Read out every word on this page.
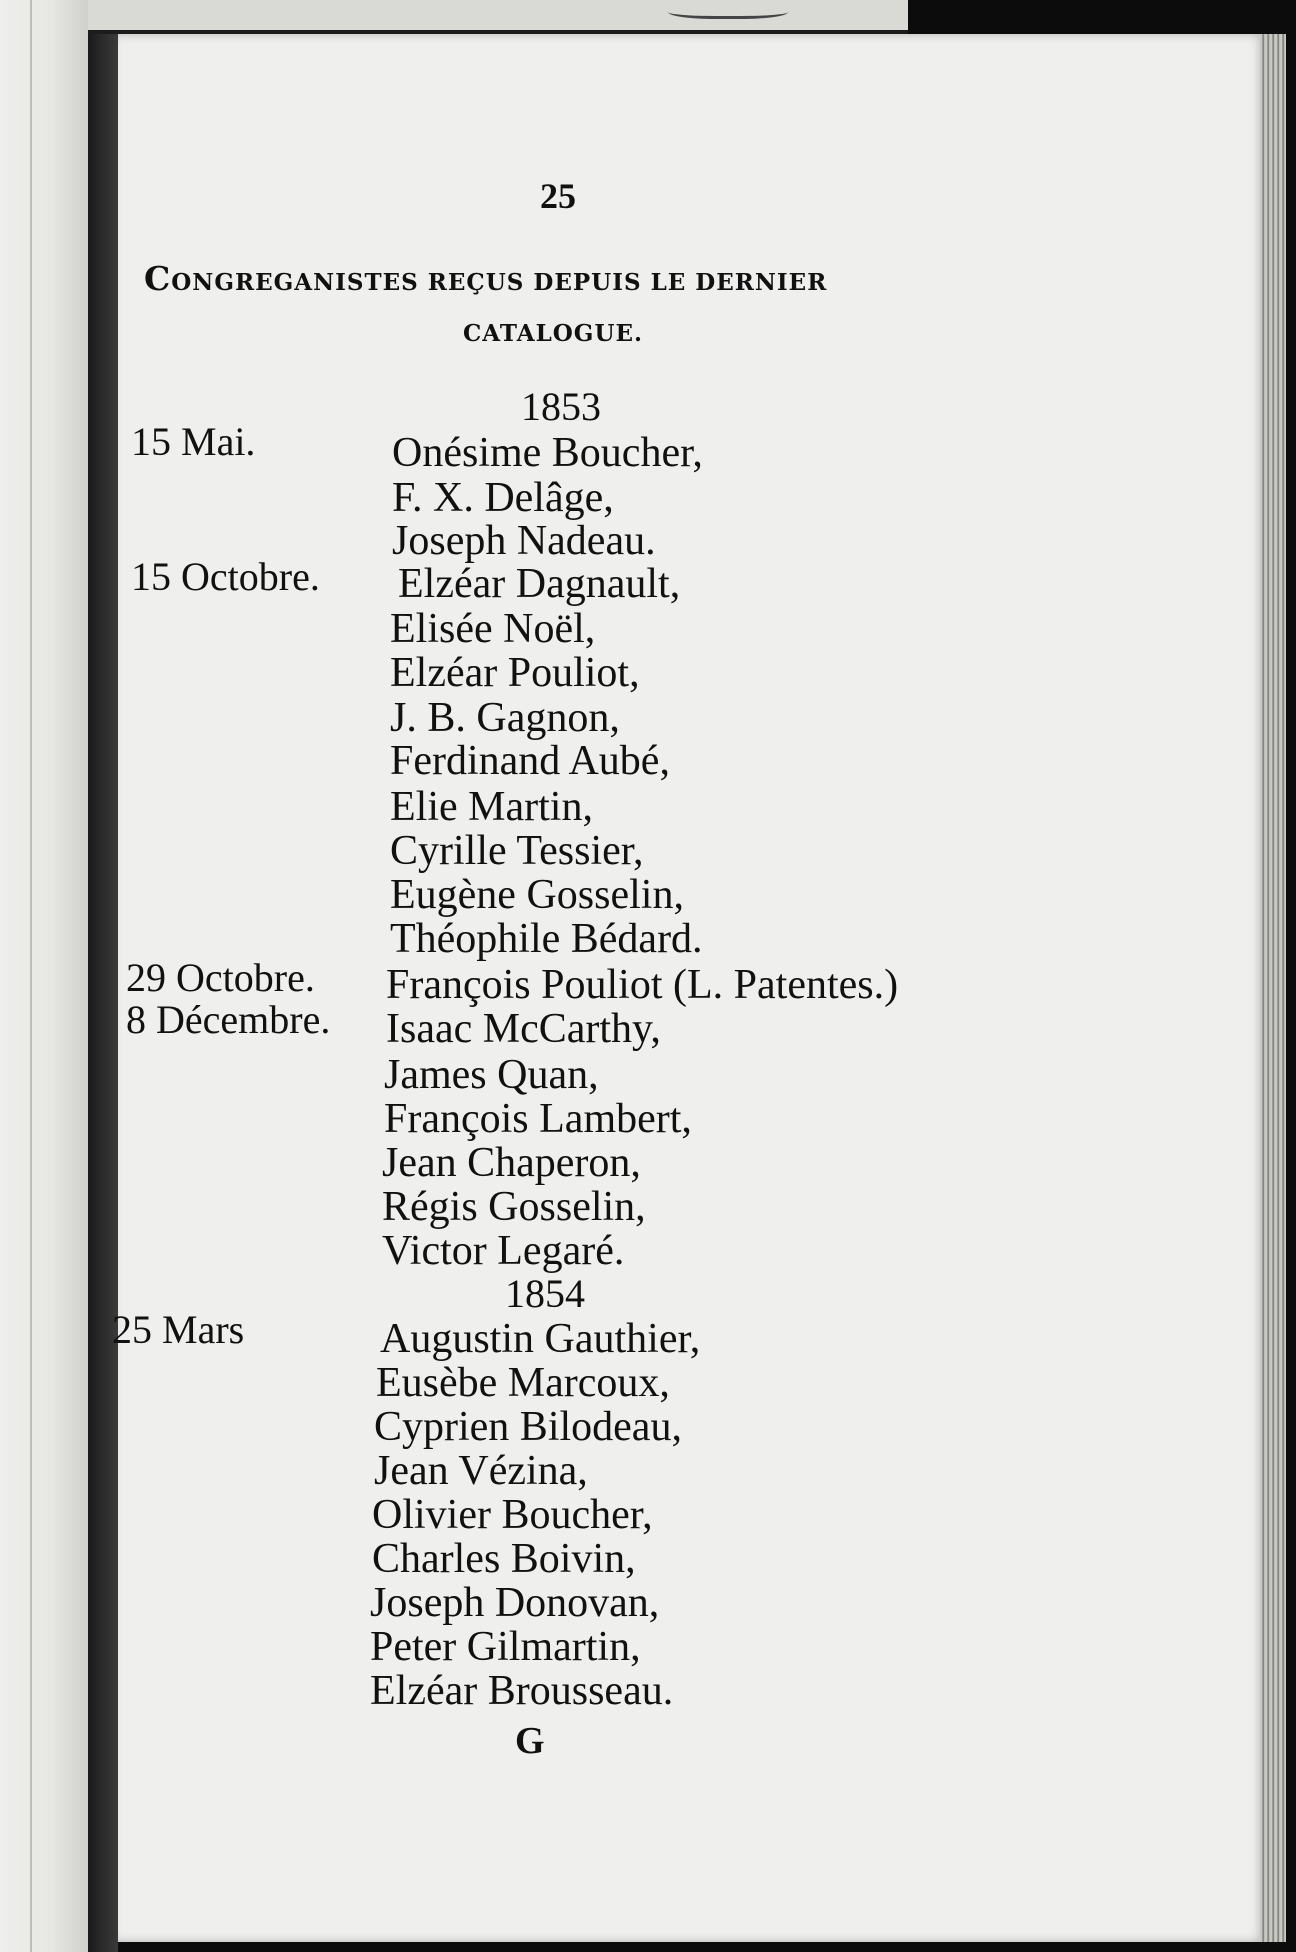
25
CONGREGANISTES REÇUS DEPUIS LE DERNIER
CATALOGUE.
1853
15 Mai.	Onésime Boucher,
F. X. Delâge,
Joseph Nadeau.
15 Octobre. Elzéar Dagnault,
Elisée Noël,
Elzéar Pouliot,
J. B. Gagnon,
Ferdinand Aubé,
Elie Martin,
Cyrille Tessier,
Eugène Gosselin,
Théophile Bédard.
29 Octobre. François Pouliot (L. Patentes.)
8 Décembre. Isaac McCarthy,
James Quan,
François Lambert,
Jean Chaperon,
Régis Gosselin,
Victor Legaré.
1854
25 Mars	Augustin Gauthier,
Eusèbe Marcoux,
Cyprien Bilodeau,
Jean Vézina,
Olivier Boucher,
Charles Boivin,
Joseph Donovan,
Peter Gilmartin,
Elzéar Brousseau.
G
